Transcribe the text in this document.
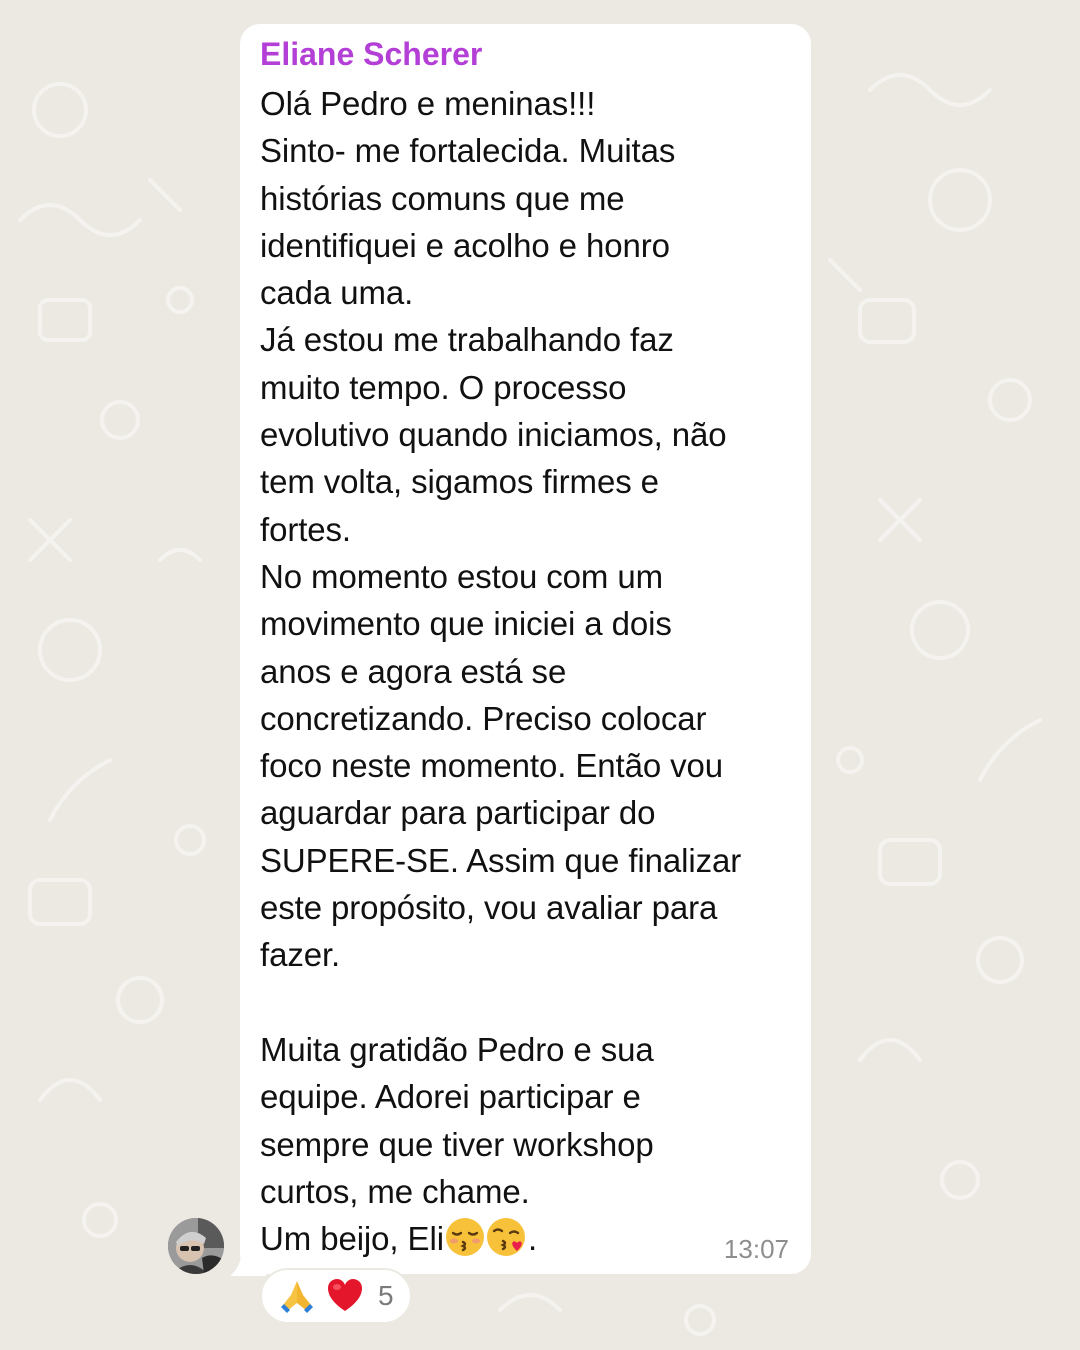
Eliane Scherer

Olá Pedro e meninas!!!
Sinto- me fortalecida. Muitas
histórias comuns que me
identifiquei e acolho e honro
cada uma.
Já estou me trabalhando faz
muito tempo. O processo
evolutivo quando iniciamos, não
tem volta, sigamos firmes e
fortes.
No momento estou com um
movimento que iniciei a dois
anos e agora está se
concretizando. Preciso colocar
foco neste momento. Então vou
aguardar para participar do
SUPERE-SE. Assim que finalizar
este propósito, vou avaliar para
fazer.

Muita gratidão Pedro e sua
equipe. Adorei participar e
sempre que tiver workshop
curtos, me chame.
Um beijo, Eli	.	13:07
5
